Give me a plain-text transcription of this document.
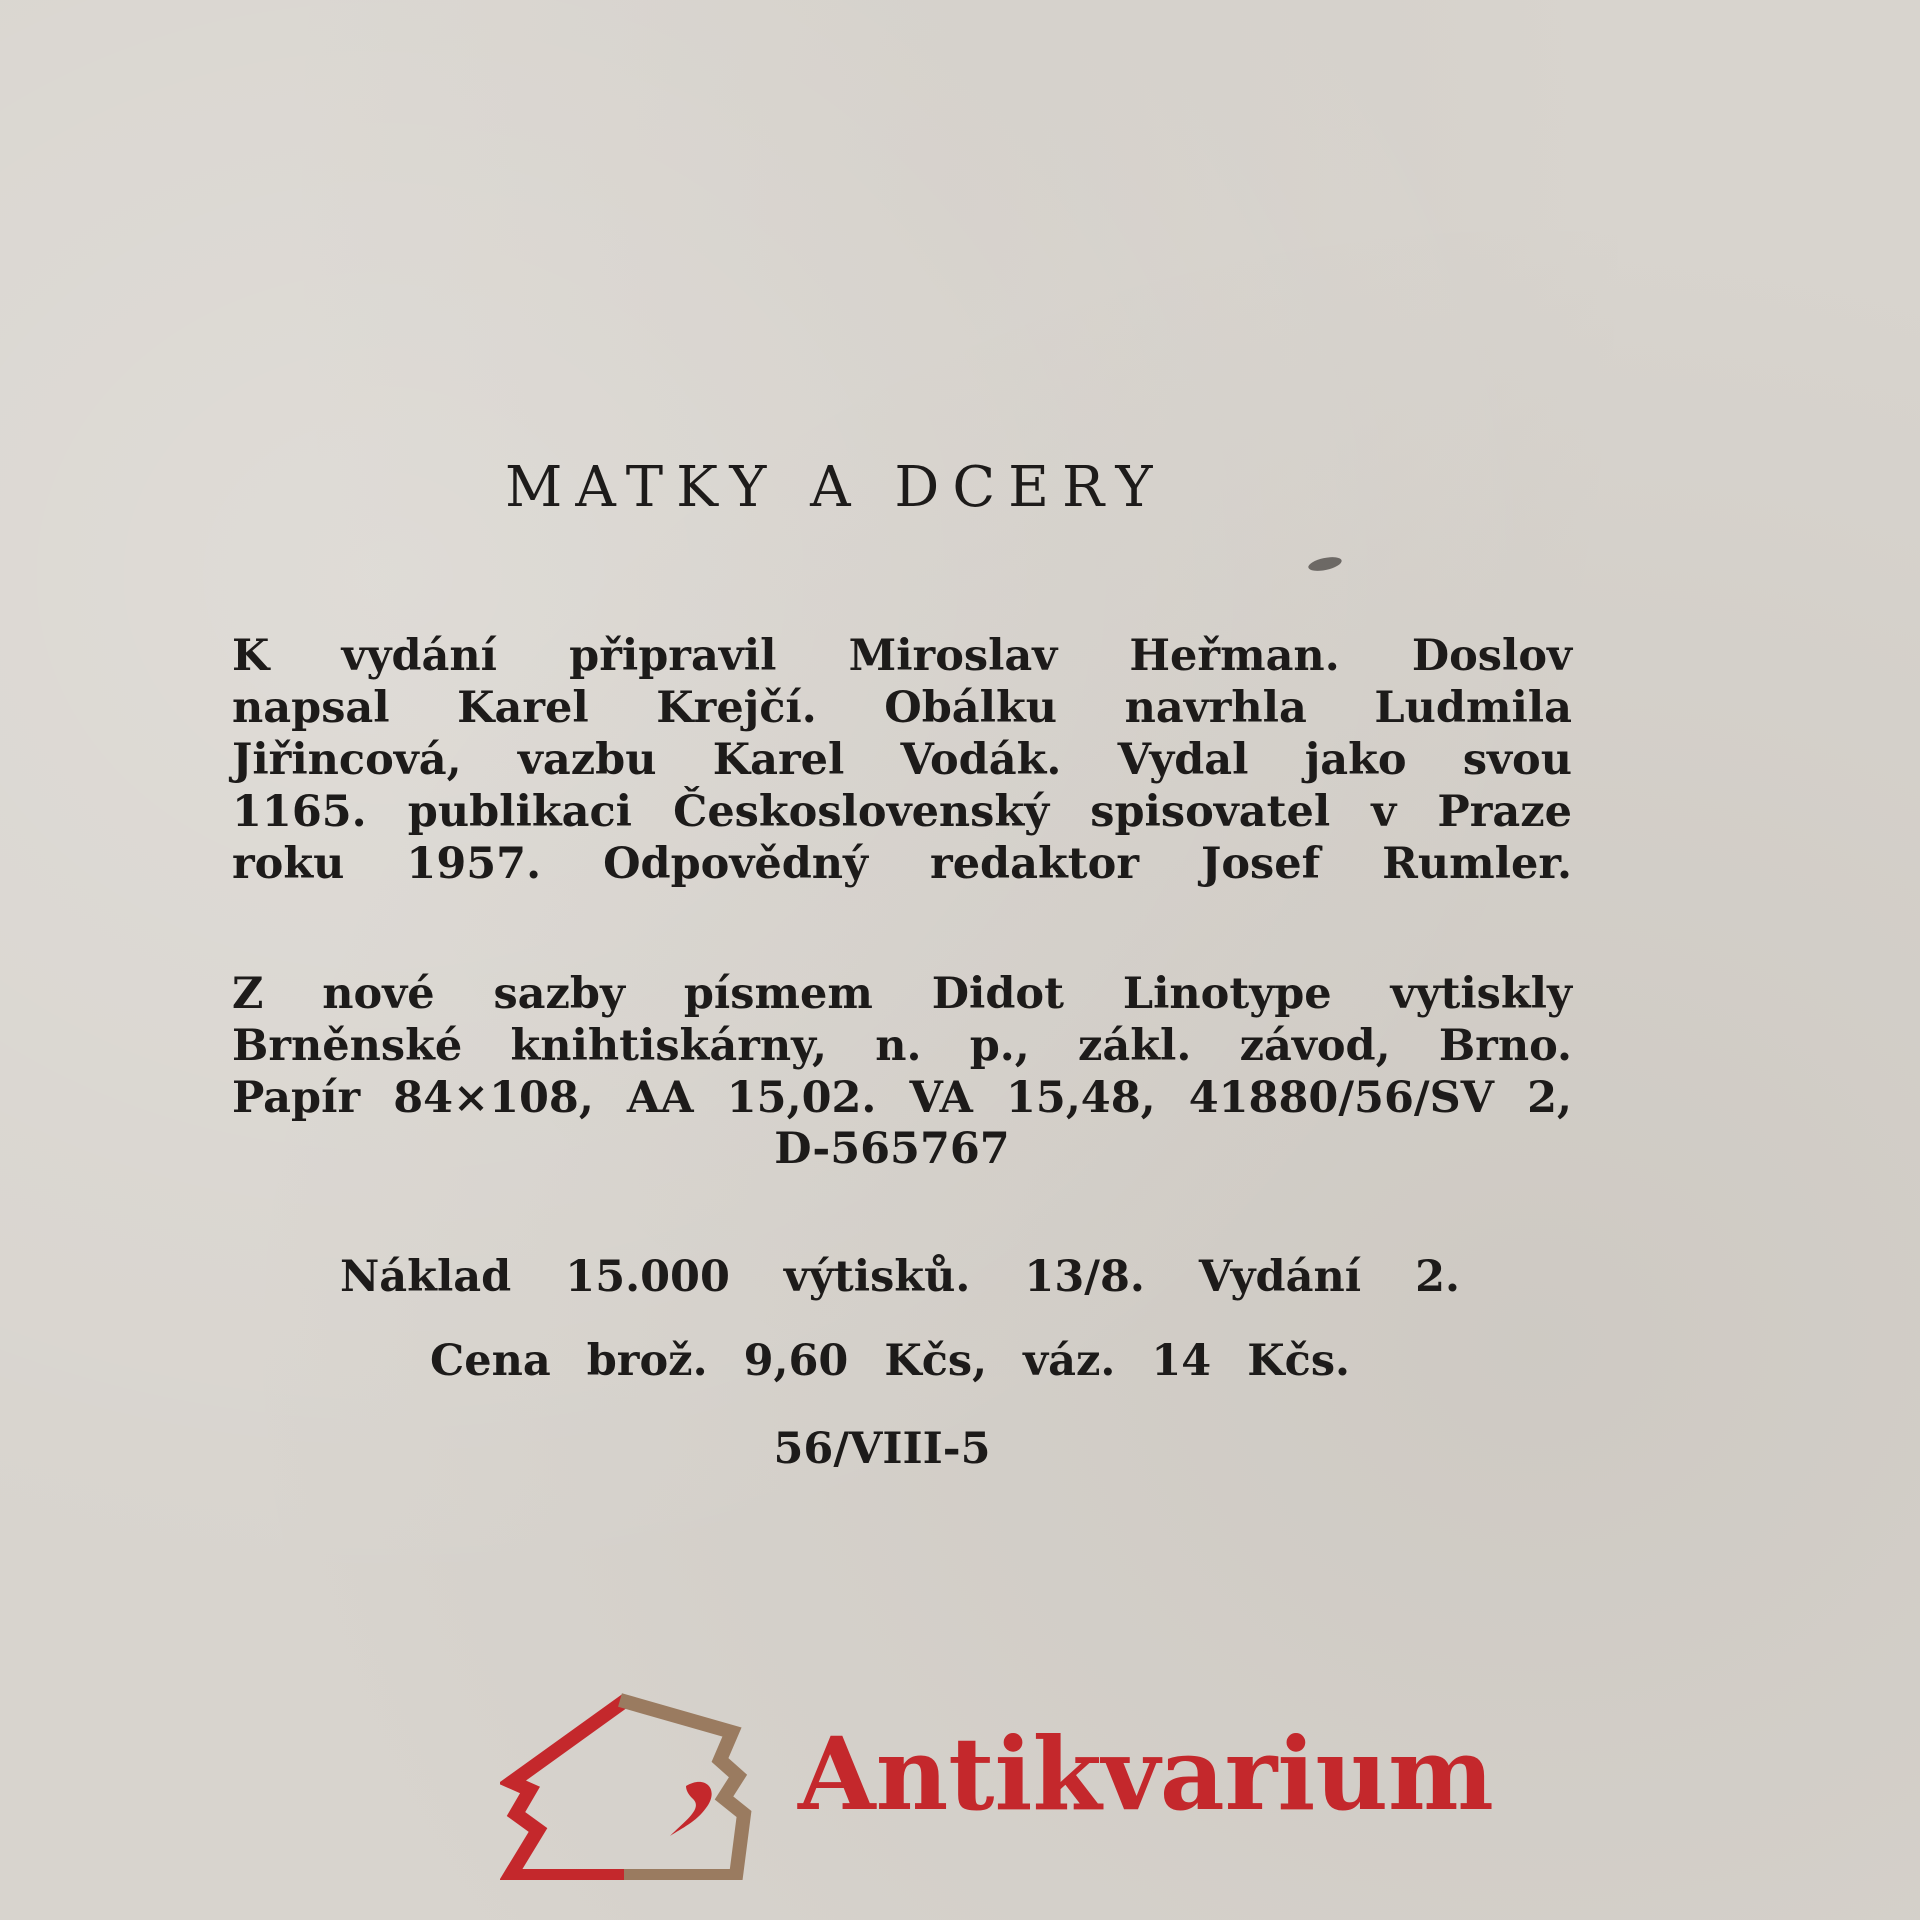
MATKY A DCERY
K vydání připravil Miroslav Heřman. Doslov
napsal Karel Krejčí. Obálku navrhla Ludmila
Jiřincová, vazbu Karel Vodák. Vydal jako svou
1165. publikaci Československý spisovatel v Praze
roku 1957. Odpovědný redaktor Josef Rumler.
Z nové sazby písmem Didot Linotype vytiskly
Brněnské knihtiskárny, n. p., zákl. závod, Brno.
Papír 84×108, AA 15,02. VA 15,48, 41880/56/SV 2,
D-565767
Náklad 15.000 výtisků. 13/8. Vydání 2.
Cena brož. 9,60 Kčs, váz. 14 Kčs.
56/VIII-5
Antikvarium
